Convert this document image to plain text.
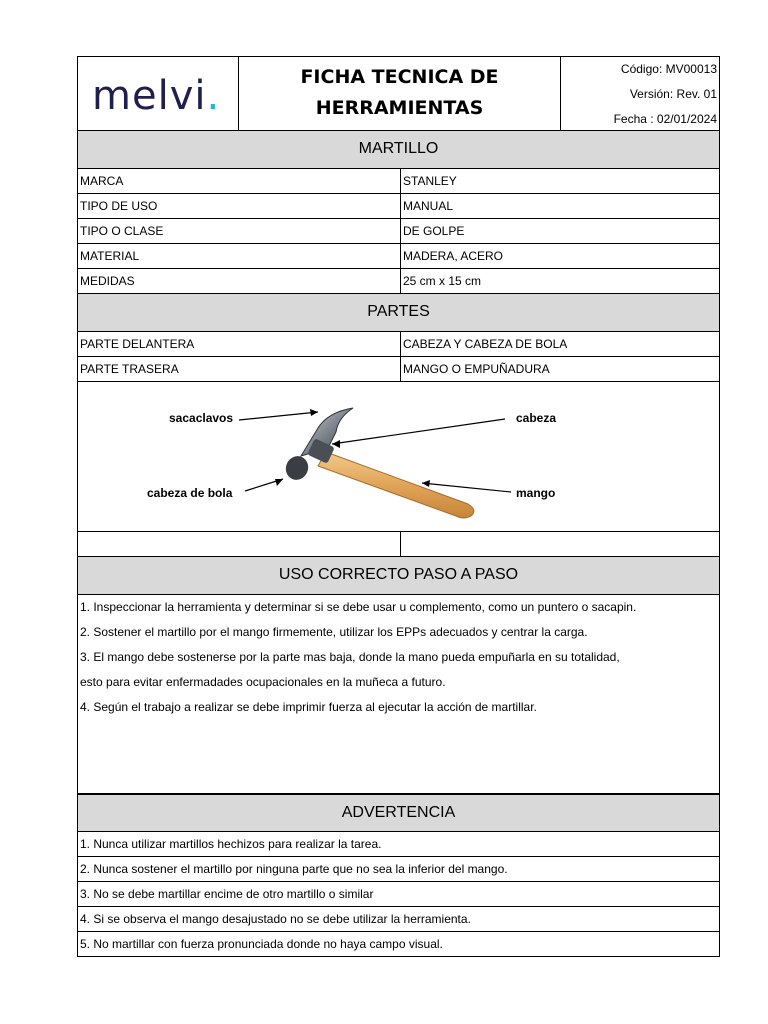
melvi.	FICHA TECNICA DE
HERRAMIENTAS
Código: MV00013
Versión: Rev. 01
Fecha : 02/01/2024
MARTILLO
MARCA	STANLEY
TIPO DE USO	MANUAL
TIPO O CLASE	DE GOLPE
MATERIAL	MADERA, ACERO
MEDIDAS	25 cm x 15 cm
PARTES
PARTE DELANTERA	CABEZA Y CABEZA DE BOLA
PARTE TRASERA	MANGO O EMPUÑADURA
sacaclavos	cabeza
cabeza de bola	mango
USO CORRECTO PASO A PASO
1. Inspeccionar la herramienta y determinar si se debe usar u complemento, como un puntero o sacapin.
2. Sostener el martillo por el mango firmemente, utilizar los EPPs adecuados y centrar la carga.
3. El mango debe sostenerse por la parte mas baja, donde la mano pueda empuñarla en su totalidad,
esto para evitar enfermadades ocupacionales en la muñeca a futuro.
4. Según el trabajo a realizar se debe imprimir fuerza al ejecutar la acción de martillar.
ADVERTENCIA
1. Nunca utilizar martillos hechizos para realizar la tarea.
2. Nunca sostener el martillo por ninguna parte que no sea la inferior del mango.
3. No se debe martillar encime de otro martillo o similar
4. Si se observa el mango desajustado no se debe utilizar la herramienta.
5. No martillar con fuerza pronunciada donde no haya campo visual.
